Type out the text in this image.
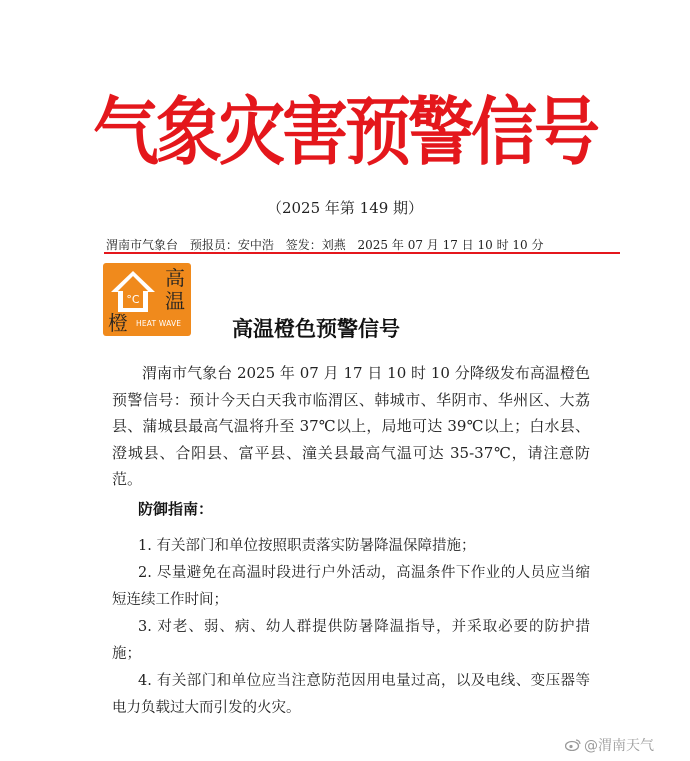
气象灾害预警信号
（2025 年第 149 期）
渭南市气象台 预报员：安中浩 签发：刘燕 2025 年 07 月 17 日 10 时 10 分
°C
高
温
橙 HEAT WAVE 高温橙色预警信号
渭南市气象台 2025 年 07 月 17 日 10 时 10 分降级发布高温橙色预警信号：预计今天白天我市临渭区、韩城市、华阴市、华州区、大荔县、蒲城县最高气温将升至 37℃以上，局地可达 39℃以上；白水县、澄城县、合阳县、富平县、潼关县最高气温可达 35-37℃，请注意防范。
防御指南：
1. 有关部门和单位按照职责落实防暑降温保障措施；
2. 尽量避免在高温时段进行户外活动，高温条件下作业的人员应当缩短连续工作时间；
3. 对老、弱、病、幼人群提供防暑降温指导，并采取必要的防护措施；
4. 有关部门和单位应当注意防范因用电量过高，以及电线、变压器等电力负载过大而引发的火灾。
@渭南天气
